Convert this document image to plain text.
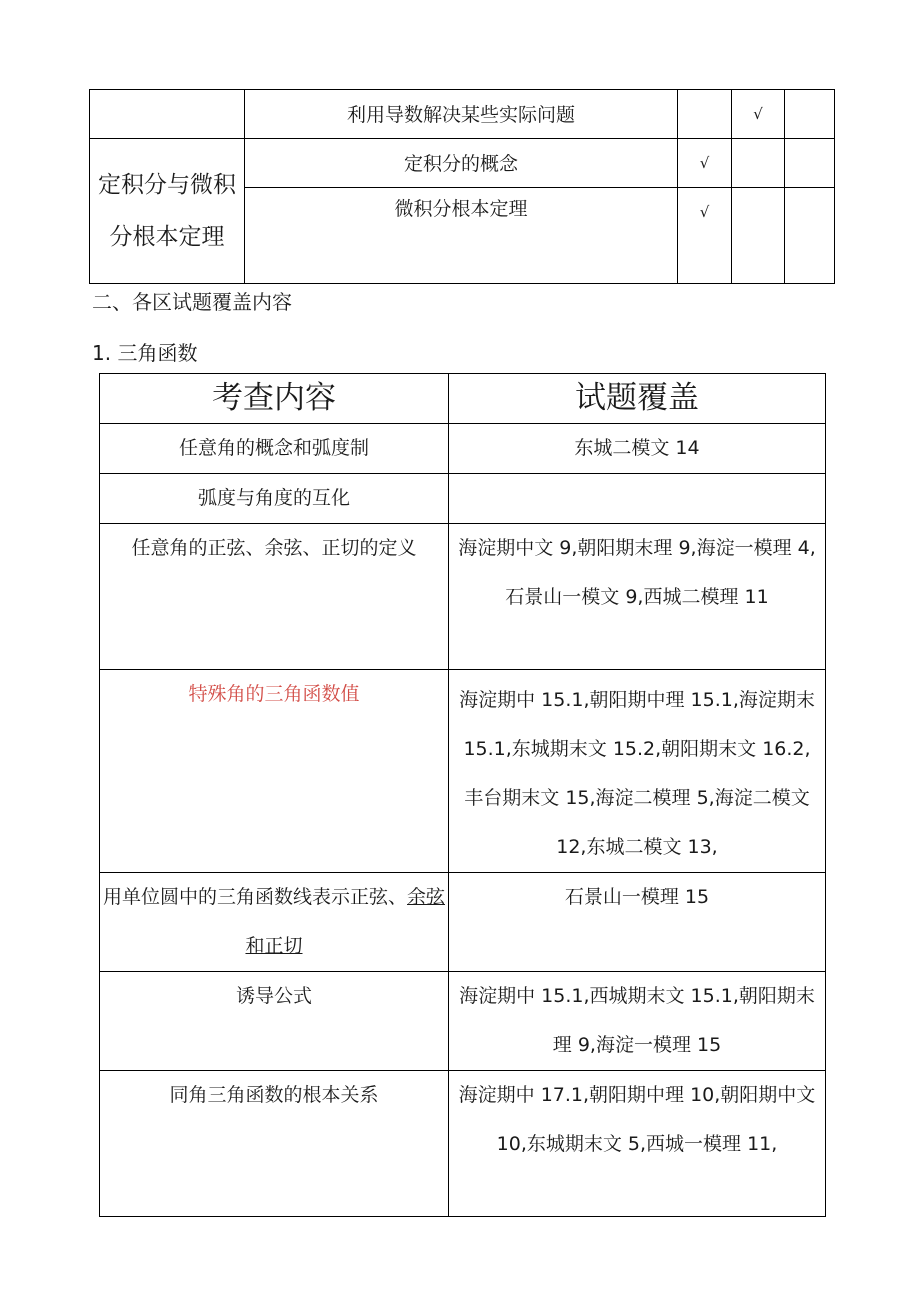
	利用导数解决某些实际问题		√	
定积分与微积分根本定理	定积分的概念	√		
	微积分根本定理	√		
二、各区试题覆盖内容
1. 三角函数
考查内容	试题覆盖
任意角的概念和弧度制	东城二模文 14
弧度与角度的互化	
任意角的正弦、余弦、正切的定义	海淀期中文 9,朝阳期末理 9,海淀一模理 4,石景山一模文 9,西城二模理 11
特殊角的三角函数值	海淀期中 15.1,朝阳期中理 15.1,海淀期末 15.1,东城期末文 15.2,朝阳期末文 16.2,丰台期末文 15,海淀二模理 5,海淀二模文 12,东城二模文 13,
用单位圆中的三角函数线表示正弦、余弦和正切	石景山一模理 15
诱导公式	海淀期中 15.1,西城期末文 15.1,朝阳期末理 9,海淀一模理 15
同角三角函数的根本关系	海淀期中 17.1,朝阳期中理 10,朝阳期中文 10,东城期末文 5,西城一模理 11,
